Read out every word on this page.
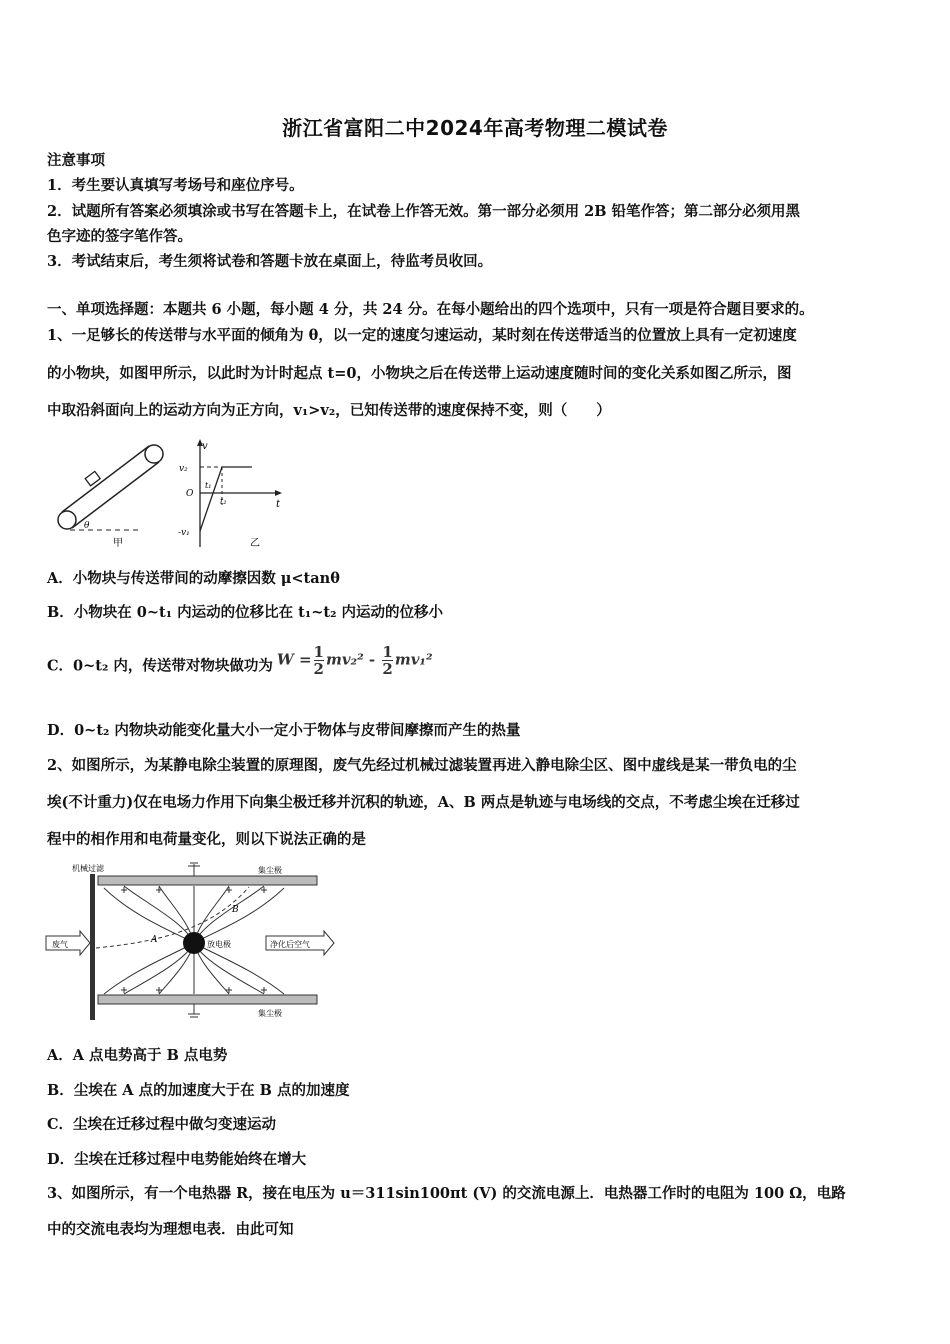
浙江省富阳二中2024年高考物理二模试卷
注意事项
1．考生要认真填写考场号和座位序号。
2．试题所有答案必须填涂或书写在答题卡上，在试卷上作答无效。第一部分必须用 2B 铅笔作答；第二部分必须用黑
色字迹的签字笔作答。
3．考试结束后，考生须将试卷和答题卡放在桌面上，待监考员收回。
一、单项选择题：本题共 6 小题，每小题 4 分，共 24 分。在每小题给出的四个选项中，只有一项是符合题目要求的。
1、一足够长的传送带与水平面的倾角为 θ，以一定的速度匀速运动，某时刻在传送带适当的位置放上具有一定初速度
的小物块，如图甲所示，以此时为计时起点 t=0，小物块之后在传送带上运动速度随时间的变化关系如图乙所示，图
中取沿斜面向上的运动方向为正方向，v₁>v₂，已知传送带的速度保持不变，则（　　）
θ
甲
v
t
v₂
O
-v₁
t₁
t₂
乙
A．小物块与传送带间的动摩擦因数 μ<tanθ
B．小物块在 0~t₁ 内运动的位移比在 t₁~t₂ 内运动的位移小
C．0~t₂ 内，传送带对物块做功为 $W = \frac{1}{2} mv_2^2 - \frac{1}{2} mv_1^2$
D．0~t₂ 内物块动能变化量大小一定小于物体与皮带间摩擦而产生的热量
2、如图所示，为某静电除尘装置的原理图，废气先经过机械过滤装置再进入静电除尘区、图中虚线是某一带负电的尘
埃(不计重力)仅在电场力作用下向集尘极迁移并沉积的轨迹，A、B 两点是轨迹与电场线的交点，不考虑尘埃在迁移过
程中的相作用和电荷量变化，则以下说法正确的是
机械过滤	集尘极
集尘极
A
B
放电极
废气	净化后空气
A．A 点电势高于 B 点电势
B．尘埃在 A 点的加速度大于在 B 点的加速度
C．尘埃在迁移过程中做匀变速运动
D．尘埃在迁移过程中电势能始终在增大
3、如图所示，有一个电热器 R，接在电压为 u＝311sin100πt (V) 的交流电源上．电热器工作时的电阻为 100 Ω，电路
中的交流电表均为理想电表．由此可知
